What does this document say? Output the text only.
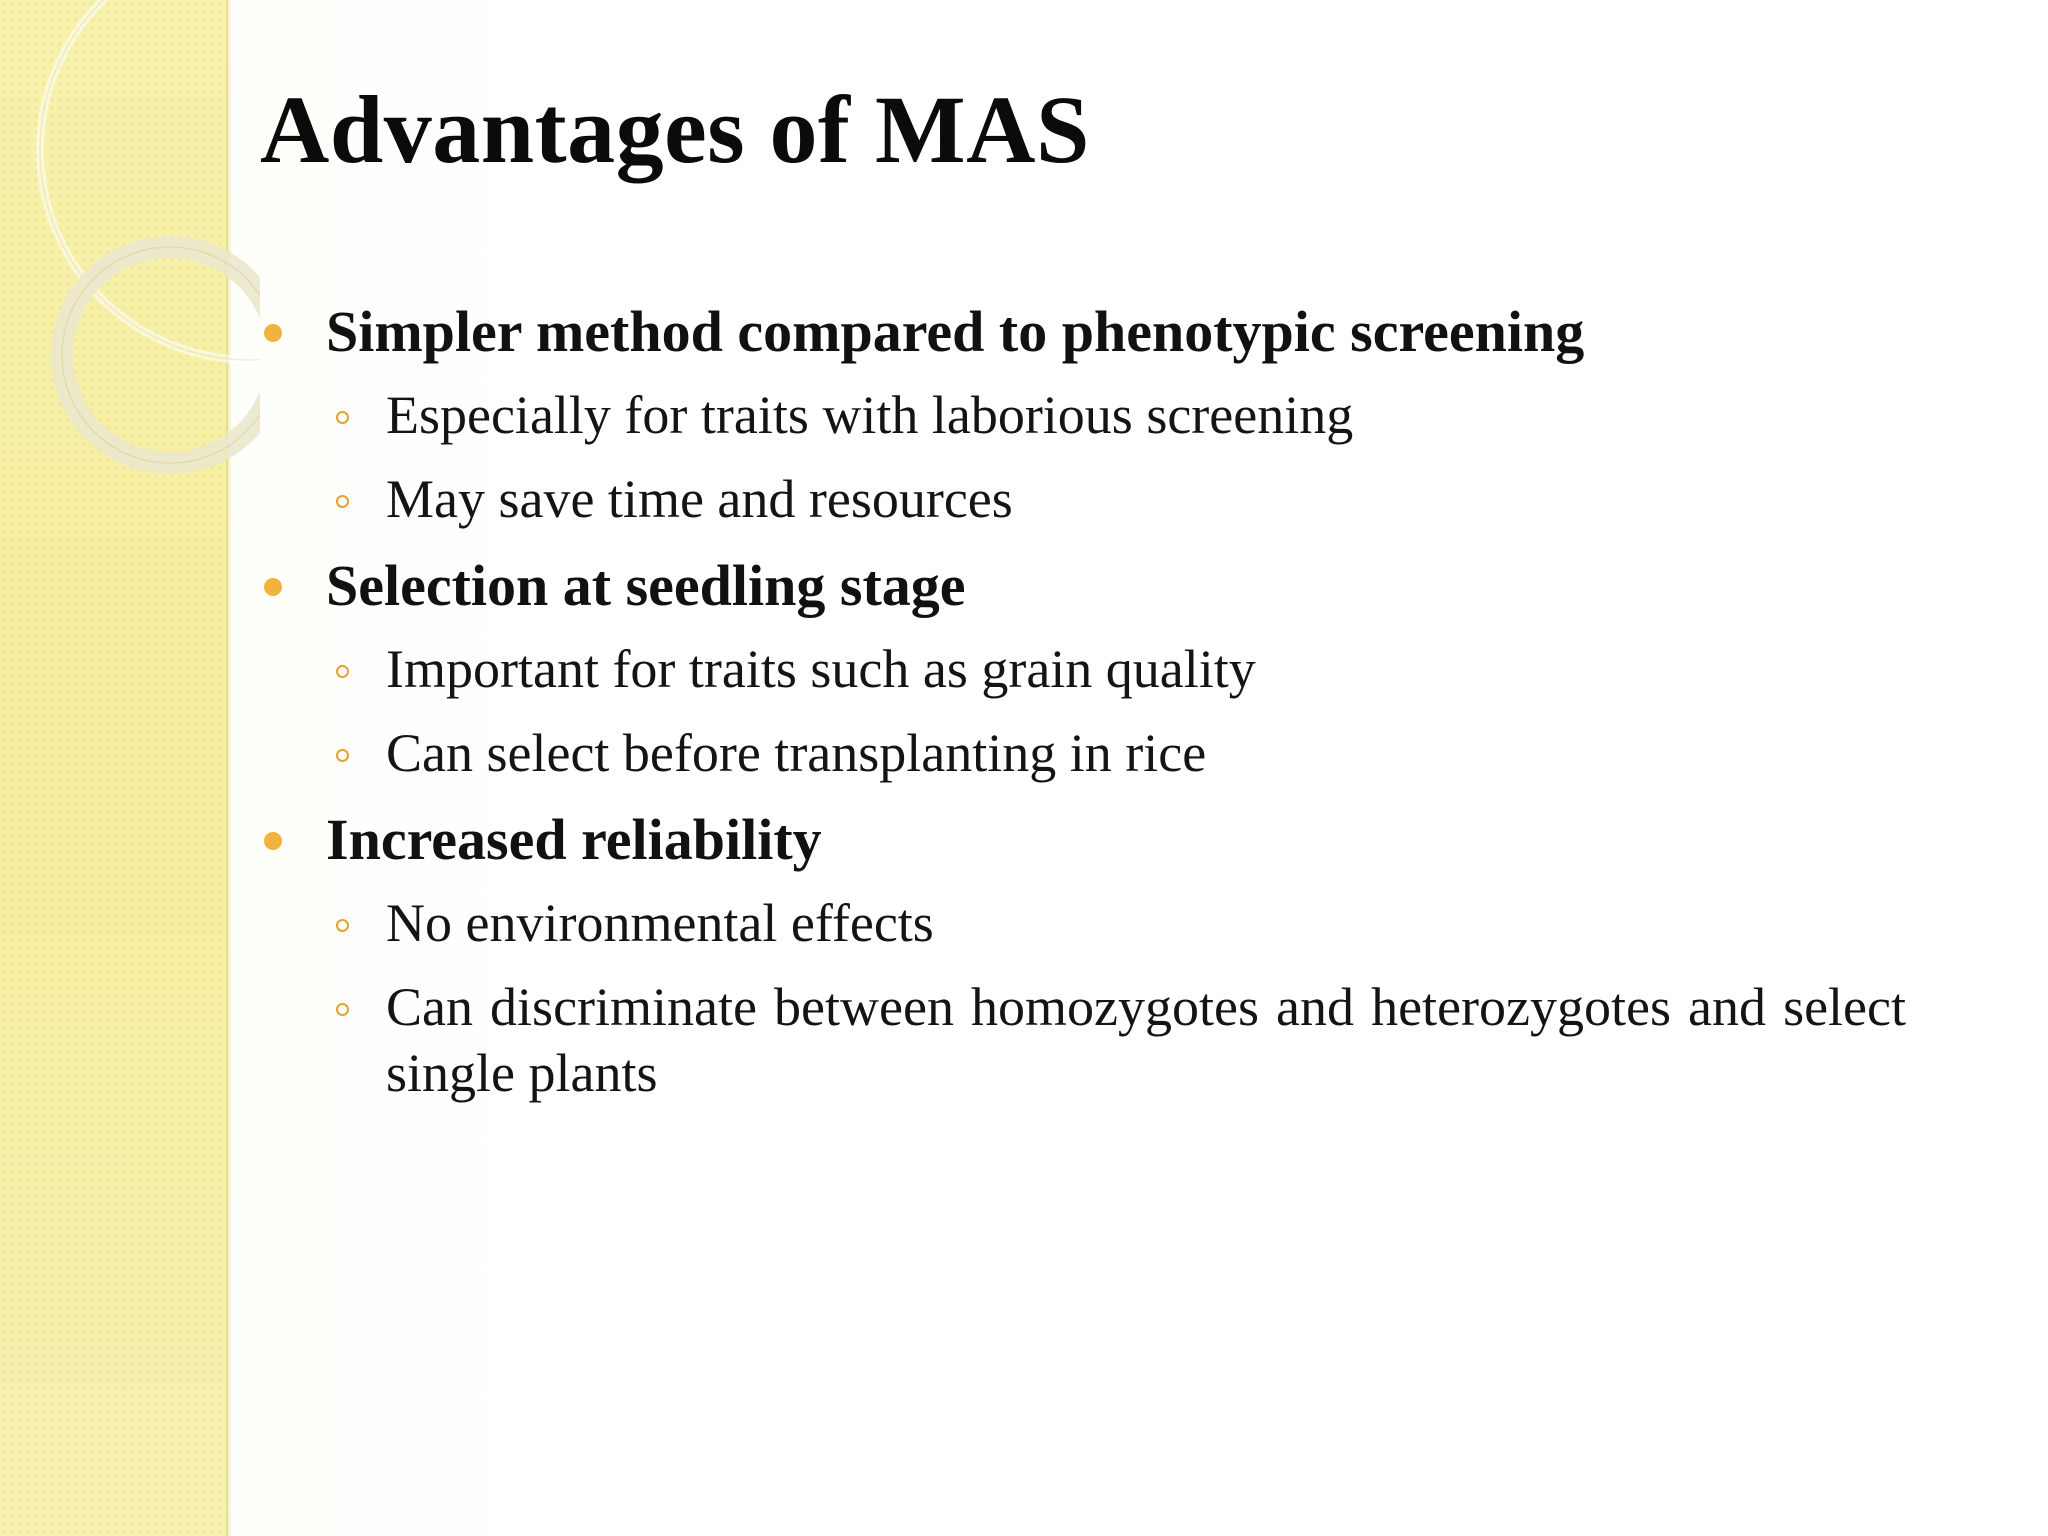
Advantages of MAS
Simpler method compared to phenotypic screening
Especially for traits with laborious screening
May save time and resources
Selection at seedling stage
Important for traits such as grain quality
Can select before transplanting in rice
Increased reliability
No environmental effects
Can discriminate between homozygotes and heterozygotes and select single plants
